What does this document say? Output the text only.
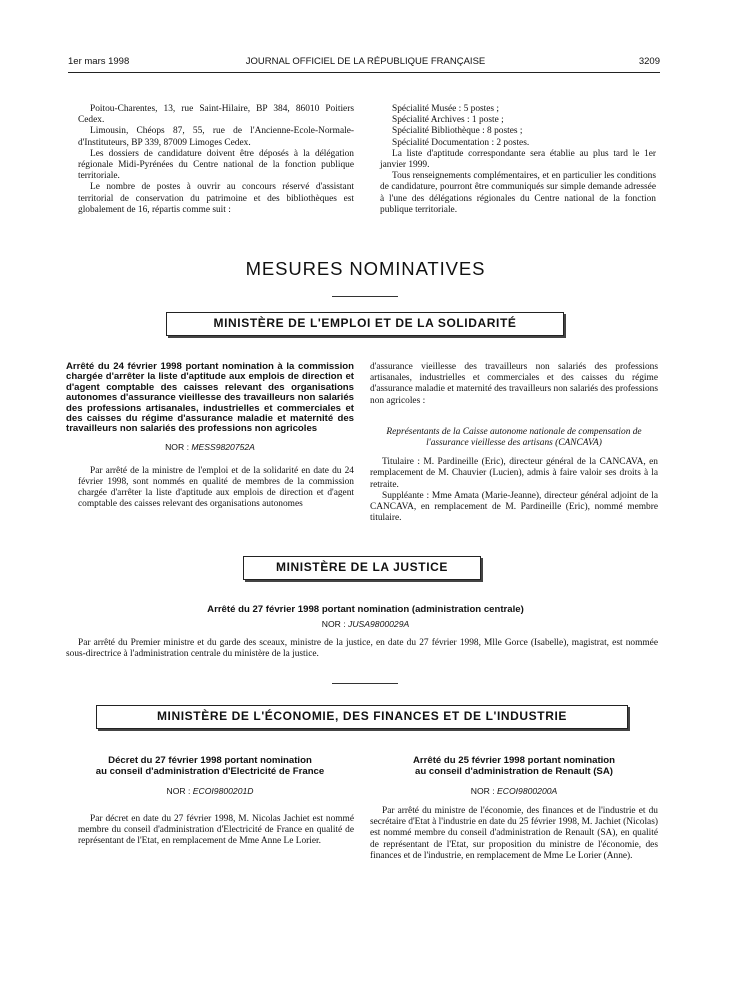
1er mars 1998	JOURNAL OFFICIEL DE LA RÉPUBLIQUE FRANÇAISE	3209

Poitou-Charentes, 13, rue Saint-Hilaire, BP 384, 86010 Poitiers Cedex.

Limousin, Chéops 87, 55, rue de l'Ancienne-Ecole-Normale-d'Instituteurs, BP 339, 87009 Limoges Cedex.

Les dossiers de candidature doivent être déposés à la délégation régionale Midi-Pyrénées du Centre national de la fonction publique territoriale.

Le nombre de postes à ouvrir au concours réservé d'assistant territorial de conservation du patrimoine et des bibliothèques est globalement de 16, répartis comme suit :

Spécialité Musée : 5 postes ;

Spécialité Archives : 1 poste ;

Spécialité Bibliothèque : 8 postes ;

Spécialité Documentation : 2 postes.

La liste d'aptitude correspondante sera établie au plus tard le 1er janvier 1999.

Tous renseignements complémentaires, et en particulier les conditions de candidature, pourront être communiqués sur simple demande adressée à l'une des délégations régionales du Centre national de la fonction publique territoriale.

MESURES NOMINATIVES
MINISTÈRE DE L'EMPLOI ET DE LA SOLIDARITÉ
Arrêté du 24 février 1998 portant nomination à la commission chargée d'arrêter la liste d'aptitude aux emplois de direction et d'agent comptable des caisses relevant des organisations autonomes d'assurance vieillesse des travailleurs non salariés des professions artisanales, industrielles et commerciales et des caisses du régime d'assurance maladie et maternité des travailleurs non salariés des professions non agricoles
NOR : MESS9820752A
Par arrêté de la ministre de l'emploi et de la solidarité en date du 24 février 1998, sont nommés en qualité de membres de la commission chargée d'arrêter la liste d'aptitude aux emplois de direction et d'agent comptable des caisses relevant des organisations autonomes

d'assurance vieillesse des travailleurs non salariés des professions artisanales, industrielles et commerciales et des caisses du régime d'assurance maladie et maternité des travailleurs non salariés des professions non agricoles :

Représentants de la Caisse autonome nationale de compensation de l'assurance vieillesse des artisans (CANCAVA)

Titulaire : M. Pardineille (Eric), directeur général de la CANCAVA, en remplacement de M. Chauvier (Lucien), admis à faire valoir ses droits à la retraite.

Suppléante : Mme Amata (Marie-Jeanne), directeur général adjoint de la CANCAVA, en remplacement de M. Pardineille (Eric), nommé membre titulaire.

MINISTÈRE DE LA JUSTICE
Arrêté du 27 février 1998 portant nomination (administration centrale)
NOR : JUSA9800029A
Par arrêté du Premier ministre et du garde des sceaux, ministre de la justice, en date du 27 février 1998, Mlle Gorce (Isabelle), magistrat, est nommée sous-directrice à l'administration centrale du ministère de la justice.
MINISTÈRE DE L'ÉCONOMIE, DES FINANCES ET DE L'INDUSTRIE
Décret du 27 février 1998 portant nomination
au conseil d'administration d'Electricité de France
NOR : ECOI9800201D
Par décret en date du 27 février 1998, M. Nicolas Jachiet est nommé membre du conseil d'administration d'Electricité de France en qualité de représentant de l'Etat, en remplacement de Mme Anne Le Lorier.
Arrêté du 25 février 1998 portant nomination
au conseil d'administration de Renault (SA)
NOR : ECOI9800200A
Par arrêté du ministre de l'économie, des finances et de l'industrie et du secrétaire d'Etat à l'industrie en date du 25 février 1998, M. Jachiet (Nicolas) est nommé membre du conseil d'administration de Renault (SA), en qualité de représentant de l'Etat, sur proposition du ministre de l'économie, des finances et de l'industrie, en remplacement de Mme Le Lorier (Anne).
